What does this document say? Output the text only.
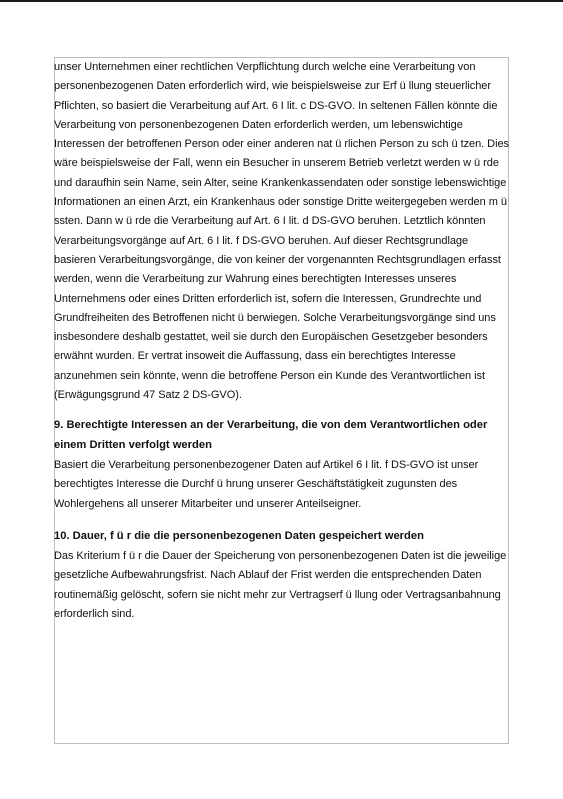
unser Unternehmen einer rechtlichen Verpflichtung durch welche eine Verarbeitung von personenbezogenen Daten erforderlich wird, wie beispielsweise zur Erf ü llung steuerlicher Pflichten, so basiert die Verarbeitung auf Art. 6 I lit. c DS-GVO. In seltenen Fällen könnte die Verarbeitung von personenbezogenen Daten erforderlich werden, um lebenswichtige Interessen der betroffenen Person oder einer anderen nat ü rlichen Person zu sch ü tzen. Dies wäre beispielsweise der Fall, wenn ein Besucher in unserem Betrieb verletzt werden w ü rde und daraufhin sein Name, sein Alter, seine Krankenkassendaten oder sonstige lebenswichtige Informationen an einen Arzt, ein Krankenhaus oder sonstige Dritte weitergegeben werden m ü ssten. Dann w ü rde die Verarbeitung auf Art. 6 I lit. d DS-GVO beruhen. Letztlich könnten Verarbeitungsvorgänge auf Art. 6 I lit. f DS-GVO beruhen. Auf dieser Rechtsgrundlage basieren Verarbeitungsvorgänge, die von keiner der vorgenannten Rechtsgrundlagen erfasst werden, wenn die Verarbeitung zur Wahrung eines berechtigten Interesses unseres Unternehmens oder eines Dritten erforderlich ist, sofern die Interessen, Grundrechte und Grundfreiheiten des Betroffenen nicht ü berwiegen. Solche Verarbeitungsvorgänge sind uns insbesondere deshalb gestattet, weil sie durch den Europäischen Gesetzgeber besonders erwähnt wurden. Er vertrat insoweit die Auffassung, dass ein berechtigtes Interesse anzunehmen sein könnte, wenn die betroffene Person ein Kunde des Verantwortlichen ist (Erwägungsgrund 47 Satz 2 DS-GVO).

9. Berechtigte Interessen an der Verarbeitung, die von dem Verantwortlichen oder einem Dritten verfolgt werden

Basiert die Verarbeitung personenbezogener Daten auf Artikel 6 I lit. f DS-GVO ist unser berechtigtes Interesse die Durchf ü hrung unserer Geschäftstätigkeit zugunsten des Wohlergehens all unserer Mitarbeiter und unserer Anteilseigner.

10. Dauer, f ü r die die personenbezogenen Daten gespeichert werden

Das Kriterium f ü r die Dauer der Speicherung von personenbezogenen Daten ist die jeweilige gesetzliche Aufbewahrungsfrist. Nach Ablauf der Frist werden die entsprechenden Daten routinemäßig gelöscht, sofern sie nicht mehr zur Vertragserf ü llung oder Vertragsanbahnung erforderlich sind.
